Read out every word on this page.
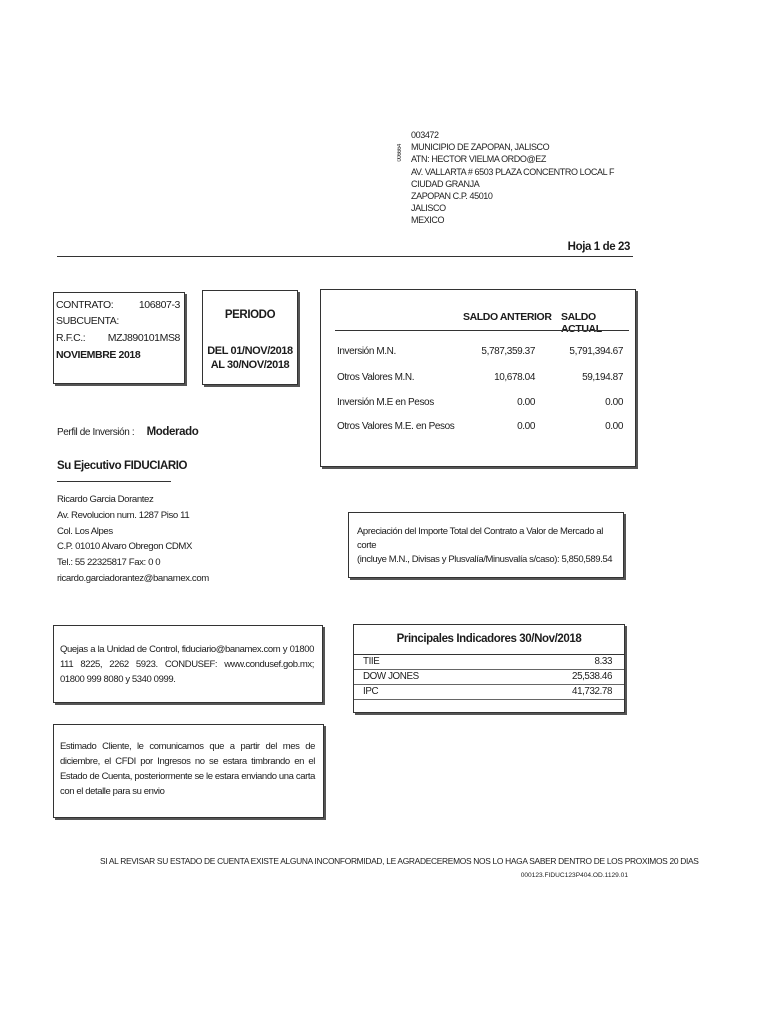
006664
003472
MUNICIPIO DE ZAPOPAN, JALISCO
ATN: HECTOR VIELMA ORDO@EZ
AV. VALLARTA # 6503 PLAZA CONCENTRO LOCAL F
CIUDAD GRANJA
ZAPOPAN C.P. 45010
JALISCO
MEXICO
Hoja 1 de 23
CONTRATO: 106807-3
SUBCUENTA:
R.F.C.: MZJ890101MS8
NOVIEMBRE 2018
PERIODO
DEL 01/NOV/2018
AL 30/NOV/2018
SALDO ANTERIOR SALDO ACTUAL
Inversión M.N.	5,787,359.37	5,791,394.67
Otros Valores M.N.	10,678.04	59,194.87
Inversión M.E en Pesos	0.00	0.00
Otros Valores M.E. en Pesos	0.00	0.00
Perfil de Inversión : Moderado
Su Ejecutivo FIDUCIARIO
Ricardo Garcia Dorantez
Av. Revolucion num. 1287 Piso 11
Col. Los Alpes
C.P. 01010 Alvaro Obregon CDMX
Tel.: 55 22325817 Fax: 0 0
ricardo.garciadorantez@banamex.com
Apreciación del Importe Total del Contrato a Valor de Mercado al corte
(incluye M.N., Divisas y Plusvalía/Minusvalía s/caso): 5,850,589.54
Quejas a la Unidad de Control, fiduciario@banamex.com y 01800 111 8225, 2262 5923. CONDUSEF: www.condusef.gob.mx; 01800 999 8080 y 5340 0999.
Principales Indicadores 30/Nov/2018
TIIE	8.33
DOW JONES	25,538.46
IPC	41,732.78
Estimado Cliente, le comunicamos que a partir del mes de diciembre, el CFDI por Ingresos no se estara timbrando en el Estado de Cuenta, posteriormente se le estara enviando una carta con el detalle para su envio
SI AL REVISAR SU ESTADO DE CUENTA EXISTE ALGUNA INCONFORMIDAD, LE AGRADECEREMOS NOS LO HAGA SABER DENTRO DE LOS PROXIMOS 20 DIAS
000123.FIDUC123P404.OD.1129.01
